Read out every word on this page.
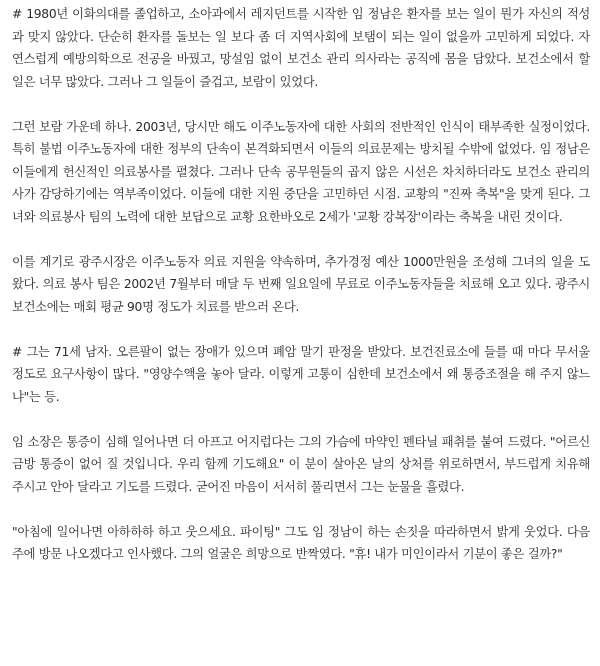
# 1980년 이화의대를 졸업하고, 소아과에서 레지던트를 시작한 임 정남은 환자를 보는 일이 뭔가 자신의 적성과 맞지 않았다. 단순히 환자를 돌보는 일 보다 좀 더 지역사회에 보탬이 되는 일이 없을까 고민하게 되었다. 자연스럽게 예방의학으로 전공을 바꿨고, 망설임 없이 보건소 관리 의사라는 공직에 몸을 담았다. 보건소에서 할 일은 너무 많았다. 그러나 그 일들이 즐겁고, 보람이 있었다.

그런 보람 가운데 하나. 2003년, 당시만 해도 이주노동자에 대한 사회의 전반적인 인식이 태부족한 실정이었다. 특히 불법 이주노동자에 대한 정부의 단속이 본격화되면서 이들의 의료문제는 방치될 수밖에 없었다. 임 정남은 이들에게 헌신적인 의료봉사를 펼쳤다. 그러나 단속 공무원들의 곱지 않은 시선은 차치하더라도 보건소 관리의사가 감당하기에는 역부족이었다. 이들에 대한 지원 중단을 고민하던 시점. 교황의 "진짜 축복"을 맞게 된다. 그녀와 의료봉사 팀의 노력에 대한 보답으로 교황 요한바오로 2세가 '교황 강복장'이라는 축복을 내린 것이다.

이를 계기로 광주시장은 이주노동자 의료 지원을 약속하며, 추가경정 예산 1000만원을 조성해 그녀의 일을 도왔다. 의료 봉사 팀은 2002년 7월부터 매달 두 번째 일요일에 무료로 이주노동자들을 치료해 오고 있다. 광주시 보건소에는 매회 평균 90명 정도가 치료를 받으러 온다.

# 그는 71세 남자. 오른팔이 없는 장애가 있으며 폐암 말기 판정을 받았다. 보건진료소에 들를 때 마다 무서울 정도로 요구사항이 많다. "영양수액을 놓아 달라. 이렇게 고통이 심한데 보건소에서 왜 통증조절을 해 주지 않느냐"는 등.

임 소장은 통증이 심해 일어나면 더 아프고 어지럽다는 그의 가슴에 마약인 펜타닐 패취를 붙여 드렸다. "어르신 금방 통증이 없어 질 것입니다. 우리 함께 기도해요" 이 분이 살아온 날의 상처를 위로하면서, 부드럽게 치유해 주시고 안아 달라고 기도를 드렸다. 굳어진 마음이 서서히 풀리면서 그는 눈물을 흘렸다.

"아침에 일어나면 아하하하 하고 웃으세요. 파이팅" 그도 임 정남이 하는 손짓을 따라하면서 밝게 웃었다. 다음 주에 방문 나오겠다고 인사했다. 그의 얼굴은 희망으로 반짝였다. "휴! 내가 미인이라서 기분이 좋은 걸까?"
